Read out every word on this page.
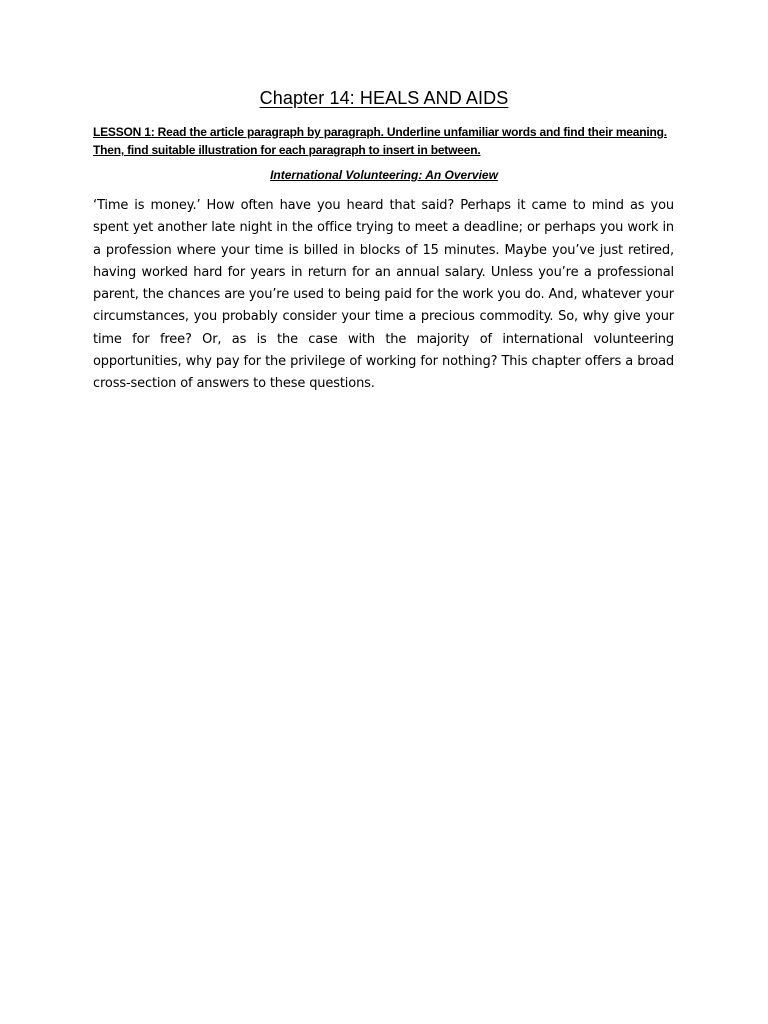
Chapter 14: HEALS AND AIDS

LESSON 1: Read the article paragraph by paragraph. Underline unfamiliar words and find their meaning. Then, find suitable illustration for each paragraph to insert in between.

International Volunteering: An Overview

‘Time is money.’ How often have you heard that said? Perhaps it came to mind as you spent yet another late night in the office trying to meet a deadline; or perhaps you work in a profession where your time is billed in blocks of 15 minutes. Maybe you’ve just retired, having worked hard for years in return for an annual salary. Unless you’re a professional parent, the chances are you’re used to being paid for the work you do. And, whatever your circumstances, you probably consider your time a precious commodity. So, why give your time for free? Or, as is the case with the majority of international volunteering opportunities, why pay for the privilege of working for nothing? This chapter offers a broad cross-section of answers to these questions.
